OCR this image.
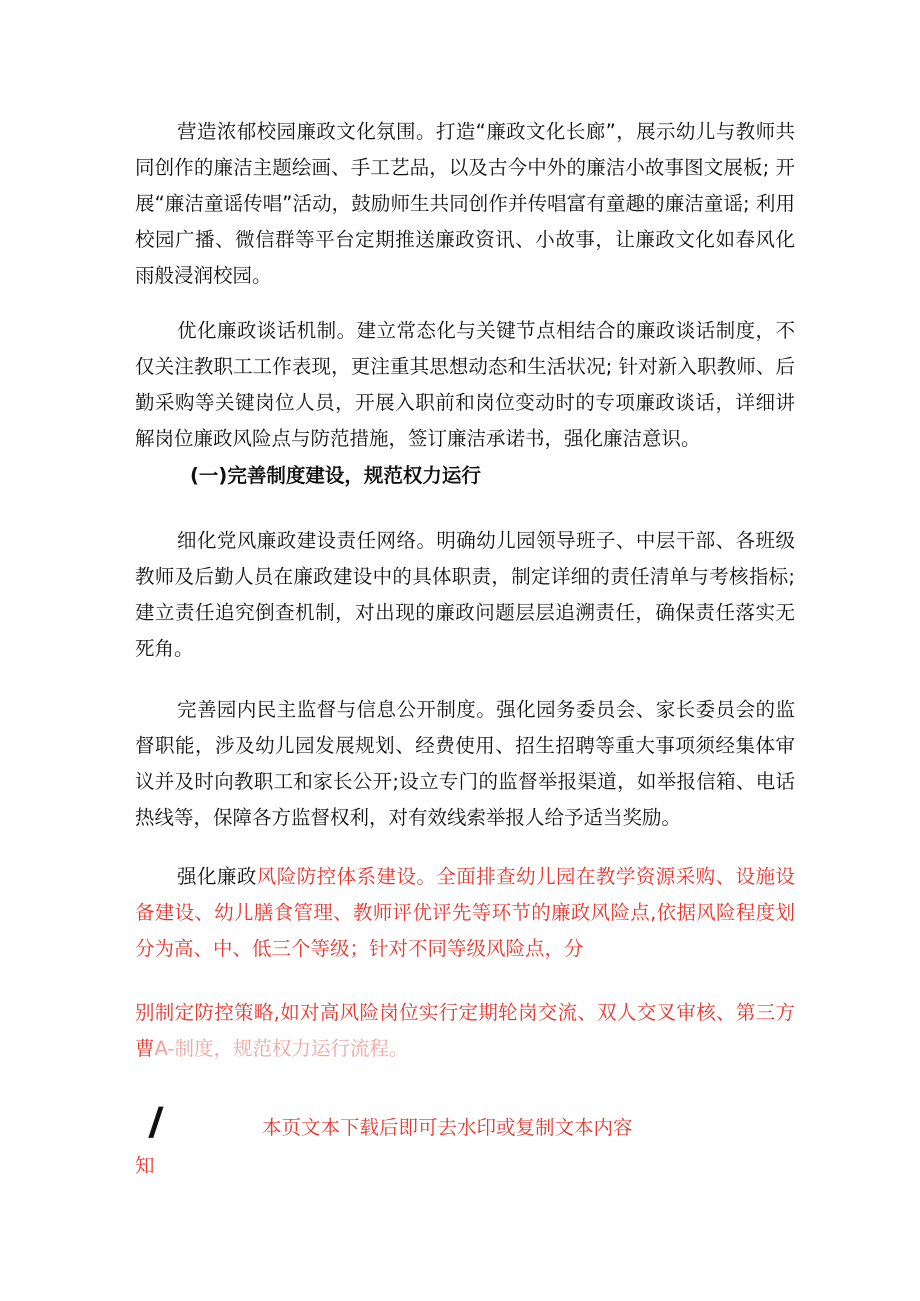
营造浓郁校园廉政文化氛围。打造“廉政文化长廊”，展示幼儿与教师共同创作的廉洁主题绘画、手工艺品，以及古今中外的廉洁小故事图文展板; 开展“廉洁童谣传唱”活动，鼓励师生共同创作并传唱富有童趣的廉洁童谣; 利用校园广播、微信群等平台定期推送廉政资讯、小故事，让廉政文化如春风化雨般浸润校园。

优化廉政谈话机制。建立常态化与关键节点相结合的廉政谈话制度，不仅关注教职工工作表现，更注重其思想动态和生活状况; 针对新入职教师、后勤采购等关键岗位人员，开展入职前和岗位变动时的专项廉政谈话，详细讲解岗位廉政风险点与防范措施，签订廉洁承诺书，强化廉洁意识。

(一)完善制度建设，规范权力运行

细化党风廉政建设责任网络。明确幼儿园领导班子、中层干部、各班级教师及后勤人员在廉政建设中的具体职责，制定详细的责任清单与考核指标; 建立责任追究倒查机制，对出现的廉政问题层层追溯责任，确保责任落实无死角。

完善园内民主监督与信息公开制度。强化园务委员会、家长委员会的监督职能，涉及幼儿园发展规划、经费使用、招生招聘等重大事项须经集体审议并及时向教职工和家长公开;设立专门的监督举报渠道，如举报信箱、电话热线等，保障各方监督权利，对有效线索举报人给予适当奖励。

强化廉政风险防控体系建设。全面排查幼儿园在教学资源采购、设施设备建设、幼儿膳食管理、教师评优评先等环节的廉政风险点,依据风险程度划分为高、中、低三个等级；针对不同等级风险点，分

别制定防控策略,如对高风险岗位实行定期轮岗交流、双人交叉审核、第三方曹A-制度，规范权力运行流程。

/	本页文本下载后即可去水印或复制文本内容
知
